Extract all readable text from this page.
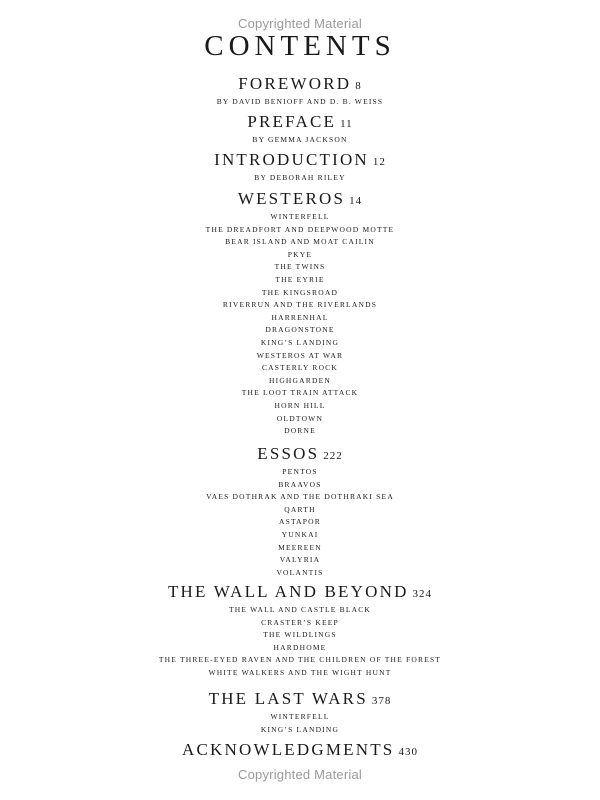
Copyrighted Material
CONTENTS
FOREWORD 8
BY DAVID BENIOFF AND D. B. WEISS
PREFACE 11
BY GEMMA JACKSON
INTRODUCTION 12
BY DEBORAH RILEY
WESTEROS 14
WINTERFELL
THE DREADFORT AND DEEPWOOD MOTTE
BEAR ISLAND AND MOAT CAILIN
PKYE
THE TWINS
THE EYRIE
THE KINGSROAD
RIVERRUN AND THE RIVERLANDS
HARRENHAL
DRAGONSTONE
KING’S LANDING
WESTEROS AT WAR
CASTERLY ROCK
HIGHGARDEN
THE LOOT TRAIN ATTACK
HORN HILL
OLDTOWN
DORNE
ESSOS 222
PENTOS
BRAAVOS
VAES DOTHRAK AND THE DOTHRAKI SEA
QARTH
ASTAPOR
YUNKAI
MEEREEN
VALYRIA
VOLANTIS
THE WALL AND BEYOND 324
THE WALL AND CASTLE BLACK
CRASTER’S KEEP
THE WILDLINGS
HARDHOME
THE THREE-EYED RAVEN AND THE CHILDREN OF THE FOREST
WHITE WALKERS AND THE WIGHT HUNT
THE LAST WARS 378
WINTERFELL
KING’S LANDING
ACKNOWLEDGMENTS 430
Copyrighted Material
